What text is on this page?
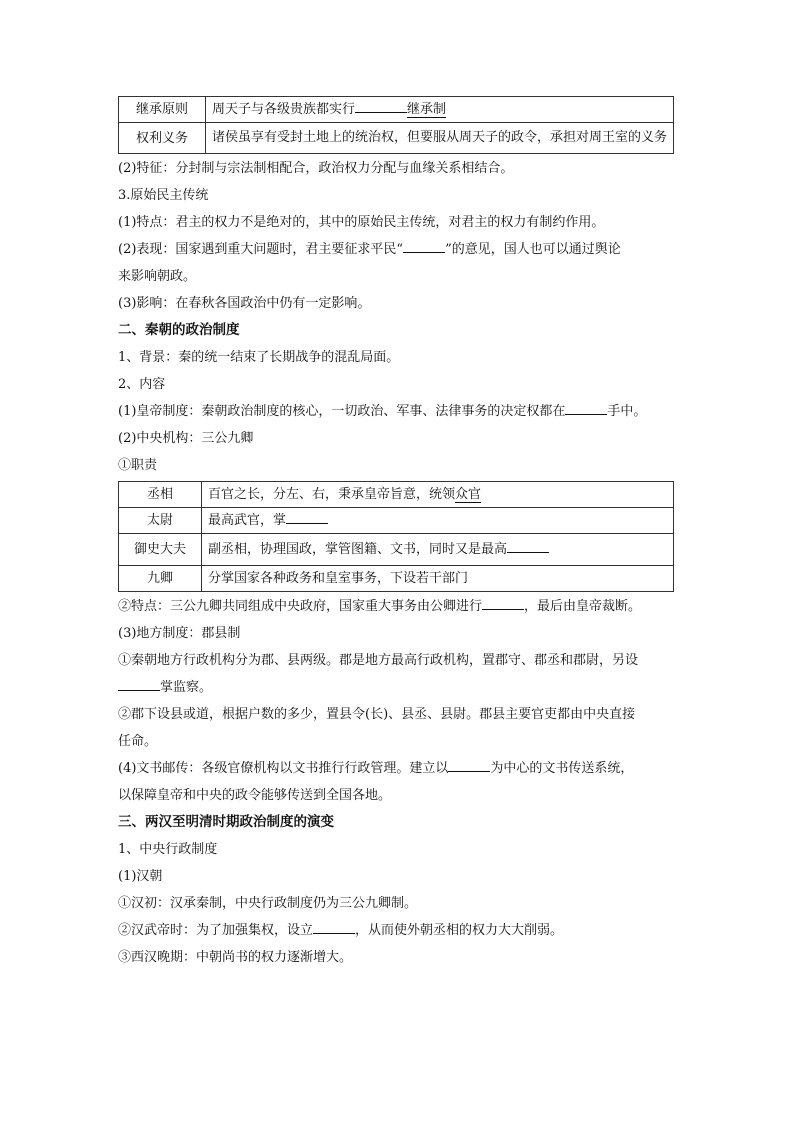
继承原则	周天子与各级贵族都实行 继承制
权利义务	诸侯虽享有受封土地上的统治权，但要服从周天子的政令，承担对周王室的义务

(2)特征：分封制与宗法制相配合，政治权力分配与血缘关系相结合。

3.原始民主传统

(1)特点：君主的权力不是绝对的，其中的原始民主传统，对君主的权力有制约作用。

(2)表现：国家遇到重大问题时，君主要征求平民“	”的意见，国人也可以通过舆论

来影响朝政。

(3)影响：在春秋各国政治中仍有一定影响。

二、秦朝的政治制度

1、背景：秦的统一结束了长期战争的混乱局面。

2、内容

(1)皇帝制度：秦朝政治制度的核心，一切政治、军事、法律事务的决定权都在	手中。

(2)中央机构：三公九卿

①职责

丞相	百官之长，分左、右，秉承皇帝旨意，统领众官
太尉	最高武官，掌
御史大夫	副丞相，协理国政，掌管图籍、文书，同时又是最高
九卿	分掌国家各种政务和皇室事务，下设若干部门

②特点：三公九卿共同组成中央政府，国家重大事务由公卿进行	，最后由皇帝裁断。

(3)地方制度：郡县制

①秦朝地方行政机构分为郡、县两级。郡是地方最高行政机构，置郡守、郡丞和郡尉，另设

掌监察。

②郡下设县或道，根据户数的多少，置县令(长)、县丞、县尉。郡县主要官吏都由中央直接

任命。

(4)文书邮传：各级官僚机构以文书推行行政管理。建立以	为中心的文书传送系统，

以保障皇帝和中央的政令能够传送到全国各地。

三、两汉至明清时期政治制度的演变

1、中央行政制度

(1)汉朝

①汉初：汉承秦制，中央行政制度仍为三公九卿制。

②汉武帝时：为了加强集权，设立	，从而使外朝丞相的权力大大削弱。

③西汉晚期：中朝尚书的权力逐渐增大。
